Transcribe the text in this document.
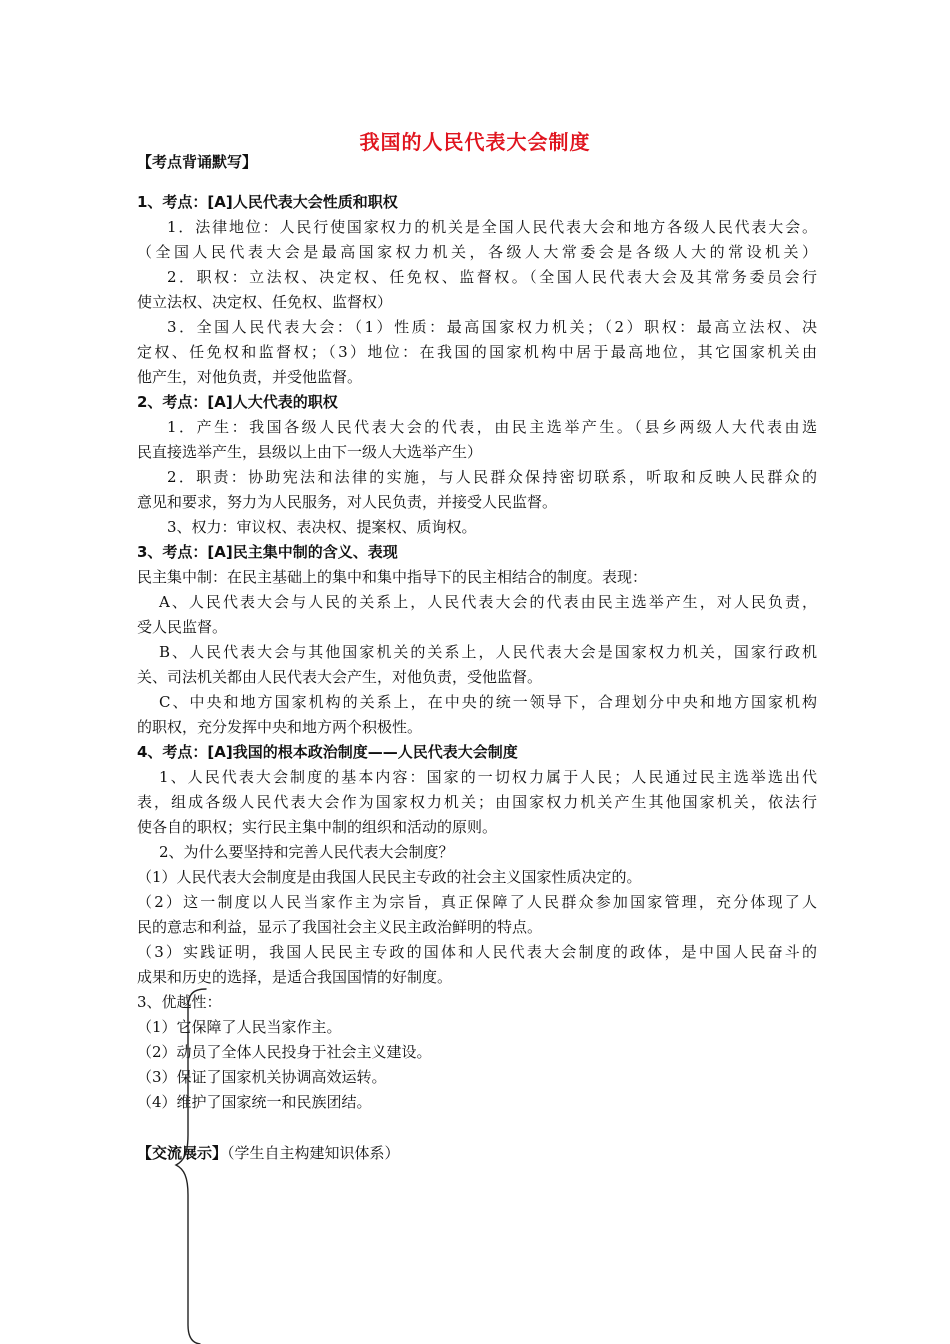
我国的人民代表大会制度
【考点背诵默写】
1、考点：[A]人民代表大会性质和职权
1．法律地位：人民行使国家权力的机关是全国人民代表大会和地方各级人民代表大会。
（全国人民代表大会是最高国家权力机关，各级人大常委会是各级人大的常设机关）
2．职权：立法权、决定权、任免权、监督权。（全国人民代表大会及其常务委员会行
使立法权、决定权、任免权、监督权）
3．全国人民代表大会：（1）性质：最高国家权力机关；（2）职权：最高立法权、决
定权、任免权和监督权；（3）地位：在我国的国家机构中居于最高地位，其它国家机关由
他产生，对他负责，并受他监督。
2、考点：[A]人大代表的职权
1．产生：我国各级人民代表大会的代表，由民主选举产生。（县乡两级人大代表由选
民直接选举产生，县级以上由下一级人大选举产生）
2．职责：协助宪法和法律的实施，与人民群众保持密切联系，听取和反映人民群众的
意见和要求，努力为人民服务，对人民负责，并接受人民监督。
3、权力：审议权、表决权、提案权、质询权。
3、考点：[A]民主集中制的含义、表现
民主集中制：在民主基础上的集中和集中指导下的民主相结合的制度。表现：
A、人民代表大会与人民的关系上，人民代表大会的代表由民主选举产生，对人民负责，
受人民监督。
B、人民代表大会与其他国家机关的关系上，人民代表大会是国家权力机关，国家行政机
关、司法机关都由人民代表大会产生，对他负责，受他监督。
C、中央和地方国家机构的关系上，在中央的统一领导下，合理划分中央和地方国家机构
的职权，充分发挥中央和地方两个积极性。
4、考点：[A]我国的根本政治制度——人民代表大会制度
1、人民代表大会制度的基本内容：国家的一切权力属于人民；人民通过民主选举选出代
表，组成各级人民代表大会作为国家权力机关；由国家权力机关产生其他国家机关，依法行
使各自的职权；实行民主集中制的组织和活动的原则。
2、为什么要坚持和完善人民代表大会制度？
（1）人民代表大会制度是由我国人民民主专政的社会主义国家性质决定的。
（2）这一制度以人民当家作主为宗旨，真正保障了人民群众参加国家管理，充分体现了人
民的意志和利益，显示了我国社会主义民主政治鲜明的特点。
（3）实践证明，我国人民民主专政的国体和人民代表大会制度的政体，是中国人民奋斗的
成果和历史的选择，是适合我国国情的好制度。
3、优越性：
（1）它保障了人民当家作主。
（2）动员了全体人民投身于社会主义建设。
（3）保证了国家机关协调高效运转。
（4）维护了国家统一和民族团结。
【交流展示】（学生自主构建知识体系）
